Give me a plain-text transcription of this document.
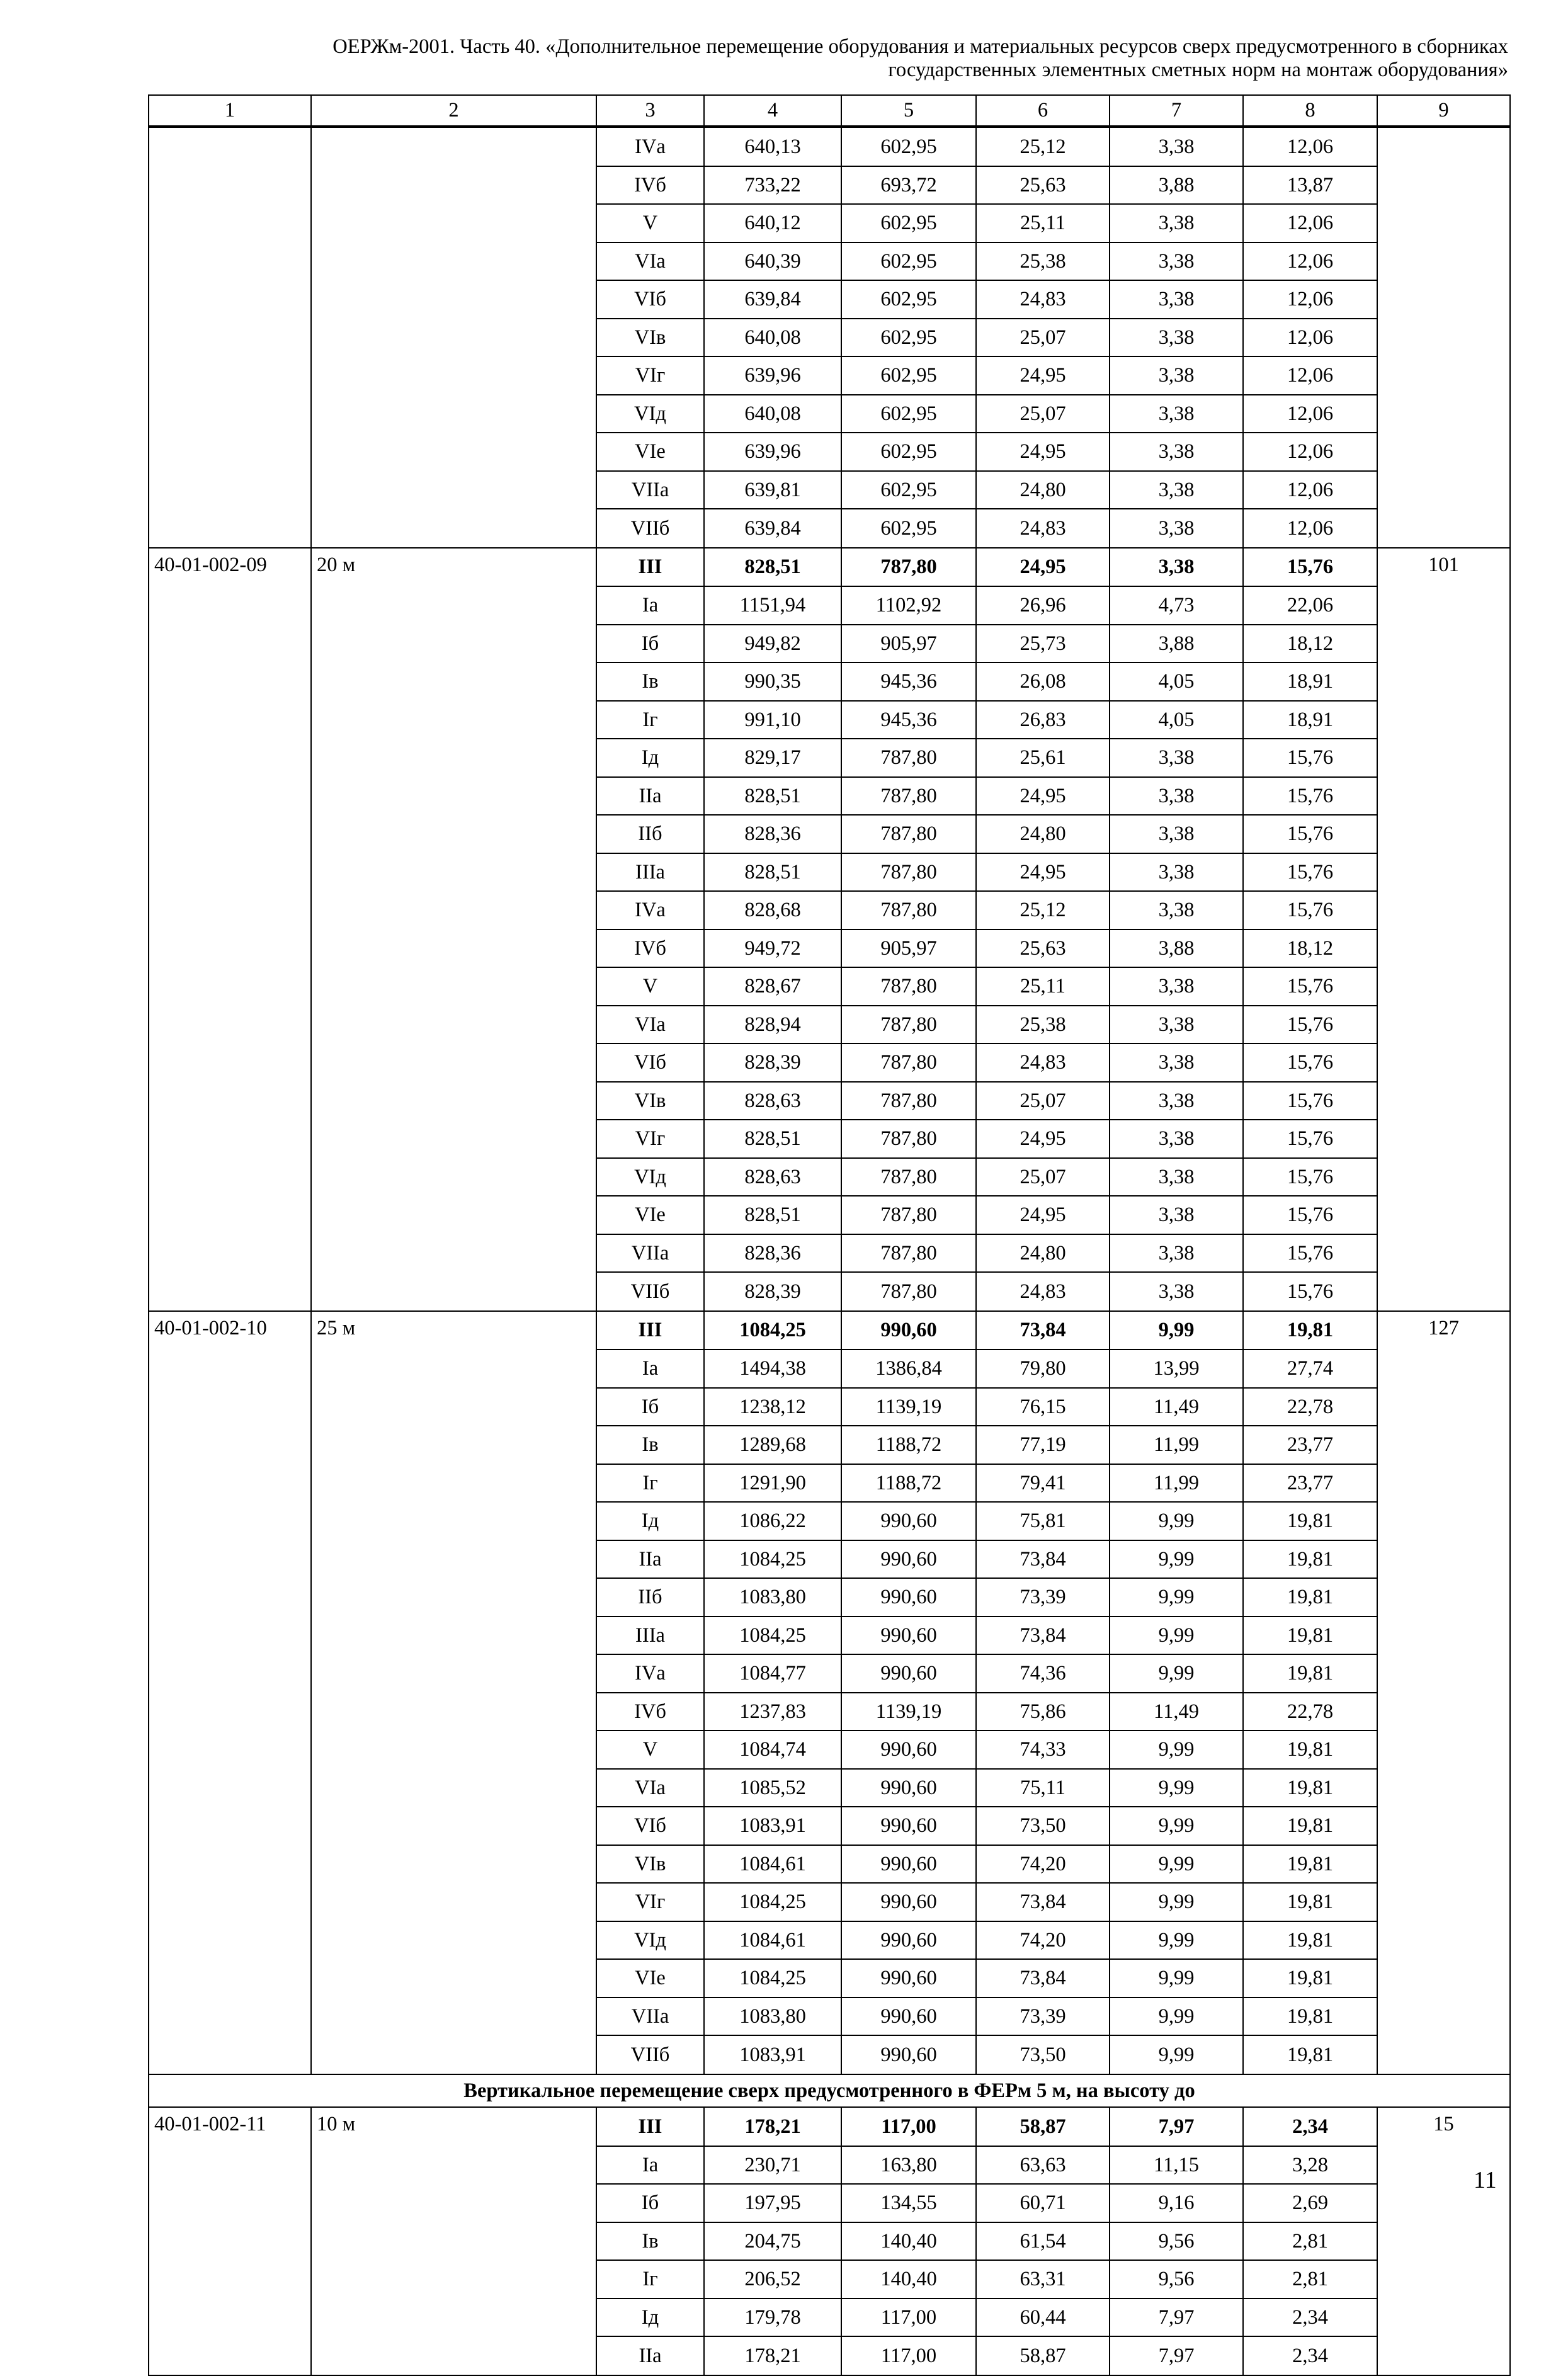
ОЕРЖм-2001. Часть 40. «Дополнительное перемещение оборудования и материальных ресурсов сверх предусмотренного в сборниках
государственных элементных сметных норм на монтаж оборудования»
1	2	3	4	5	6	7	8	9
		IVа	640,13	602,95	25,12	3,38	12,06	
		IVб	733,22	693,72	25,63	3,88	13,87	
		V	640,12	602,95	25,11	3,38	12,06	
		VIа	640,39	602,95	25,38	3,38	12,06	
		VIб	639,84	602,95	24,83	3,38	12,06	
		VIв	640,08	602,95	25,07	3,38	12,06	
		VIг	639,96	602,95	24,95	3,38	12,06	
		VIд	640,08	602,95	25,07	3,38	12,06	
		VIе	639,96	602,95	24,95	3,38	12,06	
		VIIа	639,81	602,95	24,80	3,38	12,06	
		VIIб	639,84	602,95	24,83	3,38	12,06	
40-01-002-09	20 м	III	828,51	787,80	24,95	3,38	15,76	101
		Iа	1151,94	1102,92	26,96	4,73	22,06	
		Iб	949,82	905,97	25,73	3,88	18,12	
		Iв	990,35	945,36	26,08	4,05	18,91	
		Iг	991,10	945,36	26,83	4,05	18,91	
		Iд	829,17	787,80	25,61	3,38	15,76	
		IIа	828,51	787,80	24,95	3,38	15,76	
		IIб	828,36	787,80	24,80	3,38	15,76	
		IIIа	828,51	787,80	24,95	3,38	15,76	
		IVа	828,68	787,80	25,12	3,38	15,76	
		IVб	949,72	905,97	25,63	3,88	18,12	
		V	828,67	787,80	25,11	3,38	15,76	
		VIа	828,94	787,80	25,38	3,38	15,76	
		VIб	828,39	787,80	24,83	3,38	15,76	
		VIв	828,63	787,80	25,07	3,38	15,76	
		VIг	828,51	787,80	24,95	3,38	15,76	
		VIд	828,63	787,80	25,07	3,38	15,76	
		VIе	828,51	787,80	24,95	3,38	15,76	
		VIIа	828,36	787,80	24,80	3,38	15,76	
		VIIб	828,39	787,80	24,83	3,38	15,76	
40-01-002-10	25 м	III	1084,25	990,60	73,84	9,99	19,81	127
		Iа	1494,38	1386,84	79,80	13,99	27,74	
		Iб	1238,12	1139,19	76,15	11,49	22,78	
		Iв	1289,68	1188,72	77,19	11,99	23,77	
		Iг	1291,90	1188,72	79,41	11,99	23,77	
		Iд	1086,22	990,60	75,81	9,99	19,81	
		IIа	1084,25	990,60	73,84	9,99	19,81	
		IIб	1083,80	990,60	73,39	9,99	19,81	
		IIIа	1084,25	990,60	73,84	9,99	19,81	
		IVа	1084,77	990,60	74,36	9,99	19,81	
		IVб	1237,83	1139,19	75,86	11,49	22,78	
		V	1084,74	990,60	74,33	9,99	19,81	
		VIа	1085,52	990,60	75,11	9,99	19,81	
		VIб	1083,91	990,60	73,50	9,99	19,81	
		VIв	1084,61	990,60	74,20	9,99	19,81	
		VIг	1084,25	990,60	73,84	9,99	19,81	
		VIд	1084,61	990,60	74,20	9,99	19,81	
		VIе	1084,25	990,60	73,84	9,99	19,81	
		VIIа	1083,80	990,60	73,39	9,99	19,81	
		VIIб	1083,91	990,60	73,50	9,99	19,81	
Вертикальное перемещение сверх предусмотренного в ФЕРм 5 м, на высоту до								
40-01-002-11	10 м	III	178,21	117,00	58,87	7,97	2,34	15
		Iа	230,71	163,80	63,63	11,15	3,28	
		Iб	197,95	134,55	60,71	9,16	2,69	
		Iв	204,75	140,40	61,54	9,56	2,81	
		Iг	206,52	140,40	63,31	9,56	2,81	
		Iд	179,78	117,00	60,44	7,97	2,34	
		IIа	178,21	117,00	58,87	7,97	2,34	
11
